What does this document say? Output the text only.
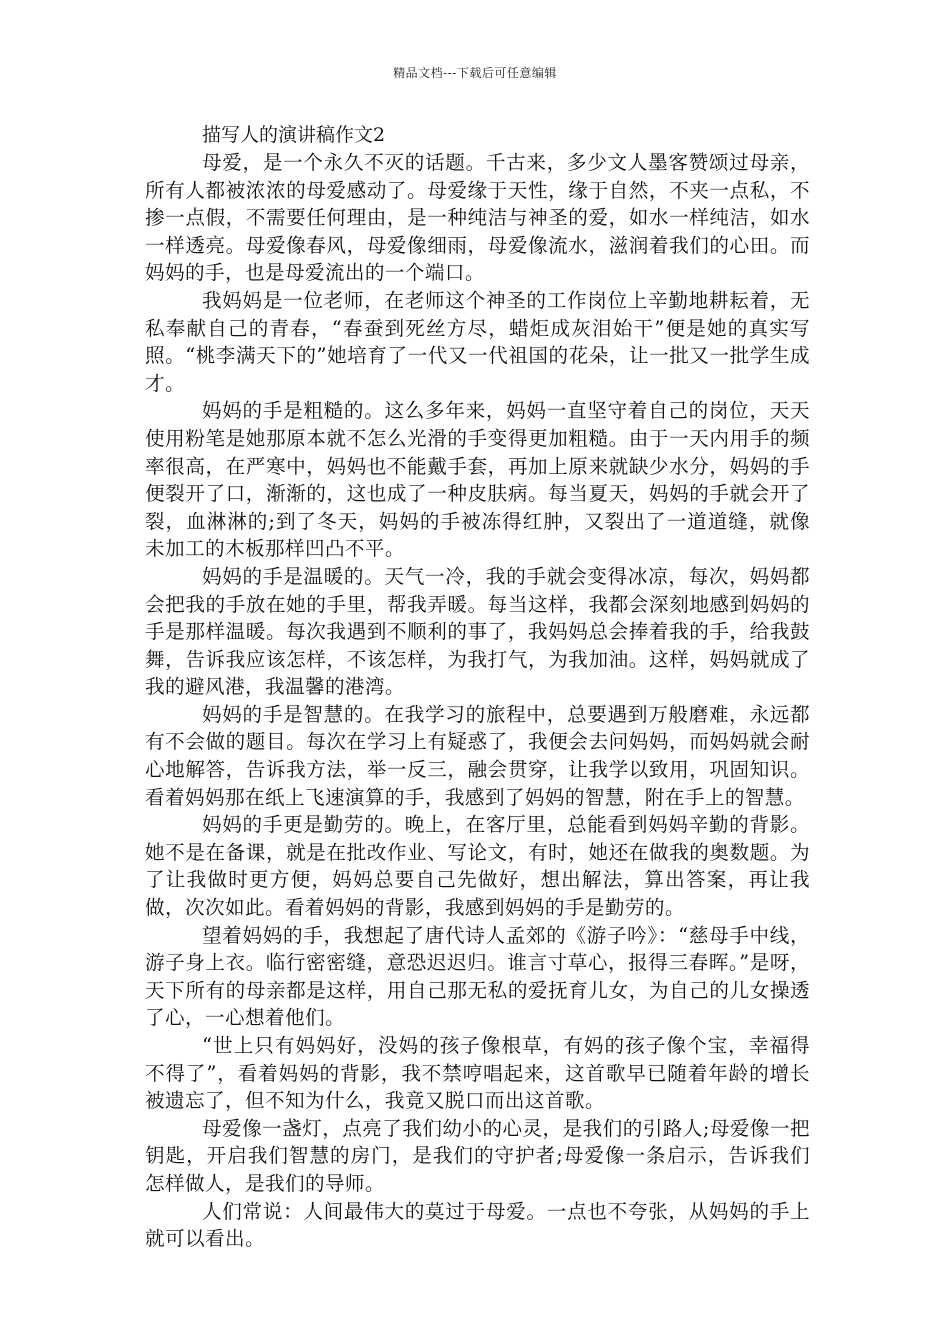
精品文档---下载后可任意编辑
描写人的演讲稿作文2

母爱，是一个永久不灭的话题。千古来，多少文人墨客赞颂过母亲，所有人都被浓浓的母爱感动了。母爱缘于天性，缘于自然，不夹一点私，不掺一点假，不需要任何理由，是一种纯洁与神圣的爱，如水一样纯洁，如水一样透亮。母爱像春风，母爱像细雨，母爱像流水，滋润着我们的心田。而妈妈的手，也是母爱流出的一个端口。

我妈妈是一位老师，在老师这个神圣的工作岗位上辛勤地耕耘着，无私奉献自己的青春，“春蚕到死丝方尽，蜡炬成灰泪始干”便是她的真实写照。“桃李满天下的”她培育了一代又一代祖国的花朵，让一批又一批学生成才。

妈妈的手是粗糙的。这么多年来，妈妈一直坚守着自己的岗位，天天使用粉笔是她那原本就不怎么光滑的手变得更加粗糙。由于一天内用手的频率很高，在严寒中，妈妈也不能戴手套，再加上原来就缺少水分，妈妈的手便裂开了口，渐渐的，这也成了一种皮肤病。每当夏天，妈妈的手就会开了裂，血淋淋的;到了冬天，妈妈的手被冻得红肿，又裂出了一道道缝，就像未加工的木板那样凹凸不平。

妈妈的手是温暖的。天气一冷，我的手就会变得冰凉，每次，妈妈都会把我的手放在她的手里，帮我弄暖。每当这样，我都会深刻地感到妈妈的手是那样温暖。每次我遇到不顺利的事了，我妈妈总会捧着我的手，给我鼓舞，告诉我应该怎样，不该怎样，为我打气，为我加油。这样，妈妈就成了我的避风港，我温馨的港湾。

妈妈的手是智慧的。在我学习的旅程中，总要遇到万般磨难，永远都有不会做的题目。每次在学习上有疑惑了，我便会去问妈妈，而妈妈就会耐心地解答，告诉我方法，举一反三，融会贯穿，让我学以致用，巩固知识。看着妈妈那在纸上飞速演算的手，我感到了妈妈的智慧，附在手上的智慧。

妈妈的手更是勤劳的。晚上，在客厅里，总能看到妈妈辛勤的背影。她不是在备课，就是在批改作业、写论文，有时，她还在做我的奥数题。为了让我做时更方便，妈妈总要自己先做好，想出解法，算出答案，再让我做，次次如此。看着妈妈的背影，我感到妈妈的手是勤劳的。

望着妈妈的手，我想起了唐代诗人孟郊的《游子吟》：“慈母手中线，游子身上衣。临行密密缝，意恐迟迟归。谁言寸草心，报得三春晖。”是呀，天下所有的母亲都是这样，用自己那无私的爱抚育儿女，为自己的儿女操透了心，一心想着他们。

“世上只有妈妈好，没妈的孩子像根草，有妈的孩子像个宝，幸福得不得了”，看着妈妈的背影，我不禁哼唱起来，这首歌早已随着年龄的增长被遗忘了，但不知为什么，我竟又脱口而出这首歌。

母爱像一盏灯，点亮了我们幼小的心灵，是我们的引路人;母爱像一把钥匙，开启我们智慧的房门，是我们的守护者;母爱像一条启示，告诉我们怎样做人，是我们的导师。

人们常说：人间最伟大的莫过于母爱。一点也不夸张，从妈妈的手上就可以看出。
